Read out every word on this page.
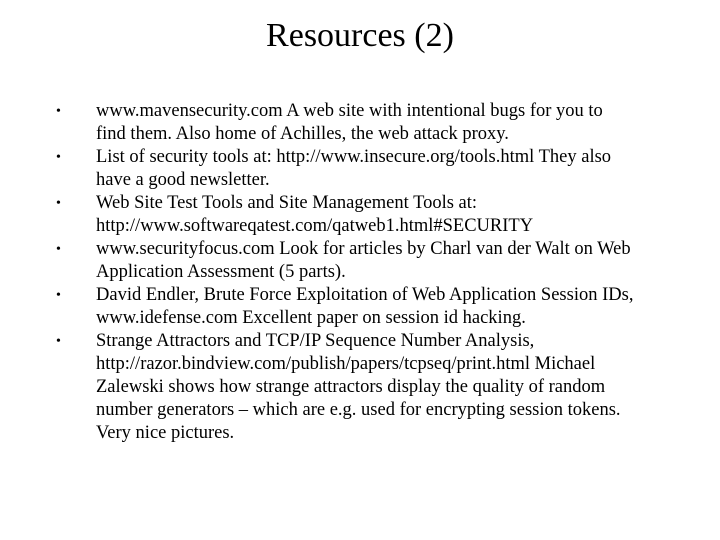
Resources (2)
•	www.mavensecurity.com A web site with intentional bugs for you to
find them. Also home of Achilles, the web attack proxy.
•	List of security tools at: http://www.insecure.org/tools.html They also
have a good newsletter.
•	Web Site Test Tools and Site Management Tools at:
http://www.softwareqatest.com/qatweb1.html#SECURITY
•	www.securityfocus.com Look for articles by Charl van der Walt on Web
Application Assessment (5 parts).
•	David Endler, Brute Force Exploitation of Web Application Session IDs,
www.idefense.com Excellent paper on session id hacking.
•	Strange Attractors and TCP/IP Sequence Number Analysis,
http://razor.bindview.com/publish/papers/tcpseq/print.html Michael
Zalewski shows how strange attractors display the quality of random
number generators – which are e.g. used for encrypting session tokens.
Very nice pictures.
